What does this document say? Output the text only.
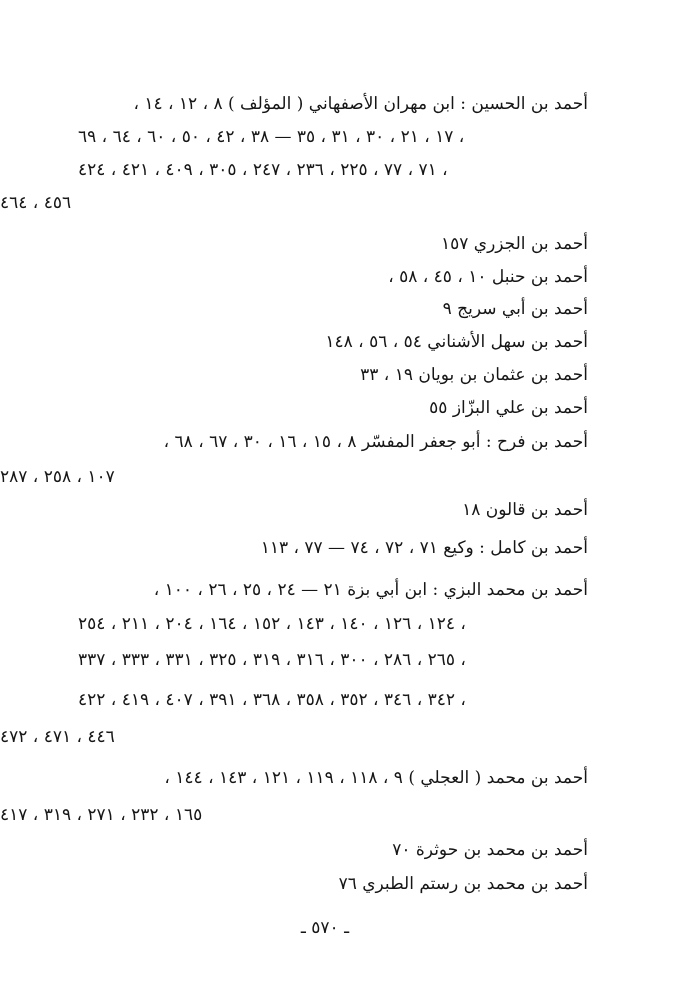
أحمد بن الحسين : ابن مهران الأصفهاني ( المؤلف ) ٨ ، ١٢ ، ١٤ ،
١٧ ، ٢١ ، ٣٠ ، ٣١ ، ٣٥ — ٣٨ ، ٤٢ ، ٥٠ ، ٦٠ ، ٦٤ ، ٦٩ ،
٧١ ، ٧٧ ، ٢٢٥ ، ٢٣٦ ، ٢٤٧ ، ٣٠٥ ، ٤٠٩ ، ٤٢١ ، ٤٢٤ ،
٤٥٦ ، ٤٦٤
أحمد بن الجزري ١٥٧
أحمد بن حنبل ١٠ ، ٤٥ ، ٥٨ ،
أحمد بن أبي سريج ٩
أحمد بن سهل الأشناني ٥٤ ، ٥٦ ، ١٤٨
أحمد بن عثمان بن بويان ١٩ ، ٣٣
أحمد بن علي البزّاز ٥٥
أحمد بن فرح : أبو جعفر المفسّر ٨ ، ١٥ ، ١٦ ، ٣٠ ، ٦٧ ، ٦٨ ،
١٠٧ ، ٢٥٨ ، ٢٨٧
أحمد بن قالون ١٨
أحمد بن كامل : وكيع ٧١ ، ٧٢ ، ٧٤ — ٧٧ ، ١١٣
أحمد بن محمد البزي : ابن أبي بزة ٢١ — ٢٤ ، ٢٥ ، ٢٦ ، ١٠٠ ،
١٢٤ ، ١٢٦ ، ١٤٠ ، ١٤٣ ، ١٥٢ ، ١٦٤ ، ٢٠٤ ، ٢١١ ، ٢٥٤ ،
٢٦٥ ، ٢٨٦ ، ٣٠٠ ، ٣١٦ ، ٣١٩ ، ٣٢٥ ، ٣٣١ ، ٣٣٣ ، ٣٣٧ ،
٣٤٢ ، ٣٤٦ ، ٣٥٢ ، ٣٥٨ ، ٣٦٨ ، ٣٩١ ، ٤٠٧ ، ٤١٩ ، ٤٢٢ ،
٤٤٦ ، ٤٧١ ، ٤٧٢
أحمد بن محمد ( العجلي ) ٩ ، ١١٨ ، ١١٩ ، ١٢١ ، ١٤٣ ، ١٤٤ ،
١٦٥ ، ٢٣٢ ، ٢٧١ ، ٣١٩ ، ٤١٧
أحمد بن محمد بن حوثرة ٧٠
أحمد بن محمد بن رستم الطبري ٧٦
ـ ٥٧٠ ـ
